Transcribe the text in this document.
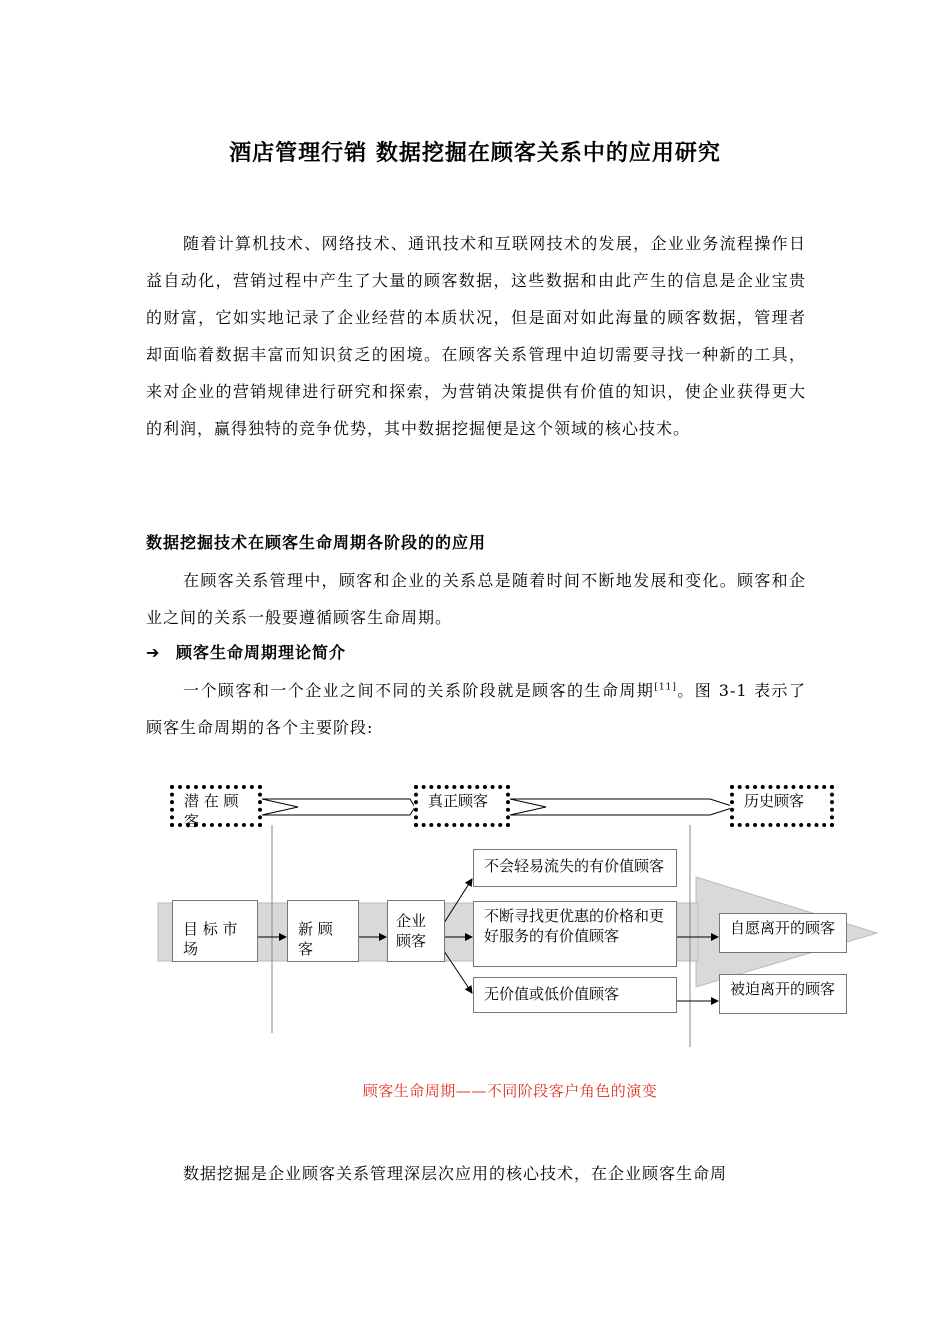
酒店管理行销 数据挖掘在顾客关系中的应用研究

随着计算机技术、网络技术、通讯技术和互联网技术的发展，企业业务流程操作日益自动化，营销过程中产生了大量的顾客数据，这些数据和由此产生的信息是企业宝贵的财富，它如实地记录了企业经营的本质状况，但是面对如此海量的顾客数据，管理者却面临着数据丰富而知识贫乏的困境。在顾客关系管理中迫切需要寻找一种新的工具，来对企业的营销规律进行研究和探索，为营销决策提供有价值的知识，使企业获得更大的利润，赢得独特的竞争优势，其中数据挖掘便是这个领域的核心技术。

数据挖掘技术在顾客生命周期各阶段的的应用

在顾客关系管理中，顾客和企业的关系总是随着时间不断地发展和变化。顾客和企业之间的关系一般要遵循顾客生命周期。

➔ 顾客生命周期理论简介

一个顾客和一个企业之间不同的关系阶段就是顾客的生命周期[11]。图 3-1 表示了顾客生命周期的各个主要阶段:

潜 在 顾 客
真正顾客	历史顾客
目 标 市 场
新 顾 客
企业顾客
不会轻易流失的有价值顾客
不断寻找更优惠的价格和更好服务的有价值顾客
无价值或低价值顾客
自愿离开的顾客
被迫离开的顾客
顾客生命周期——不同阶段客户角色的演变

数据挖掘是企业顾客关系管理深层次应用的核心技术，在企业顾客生命周
